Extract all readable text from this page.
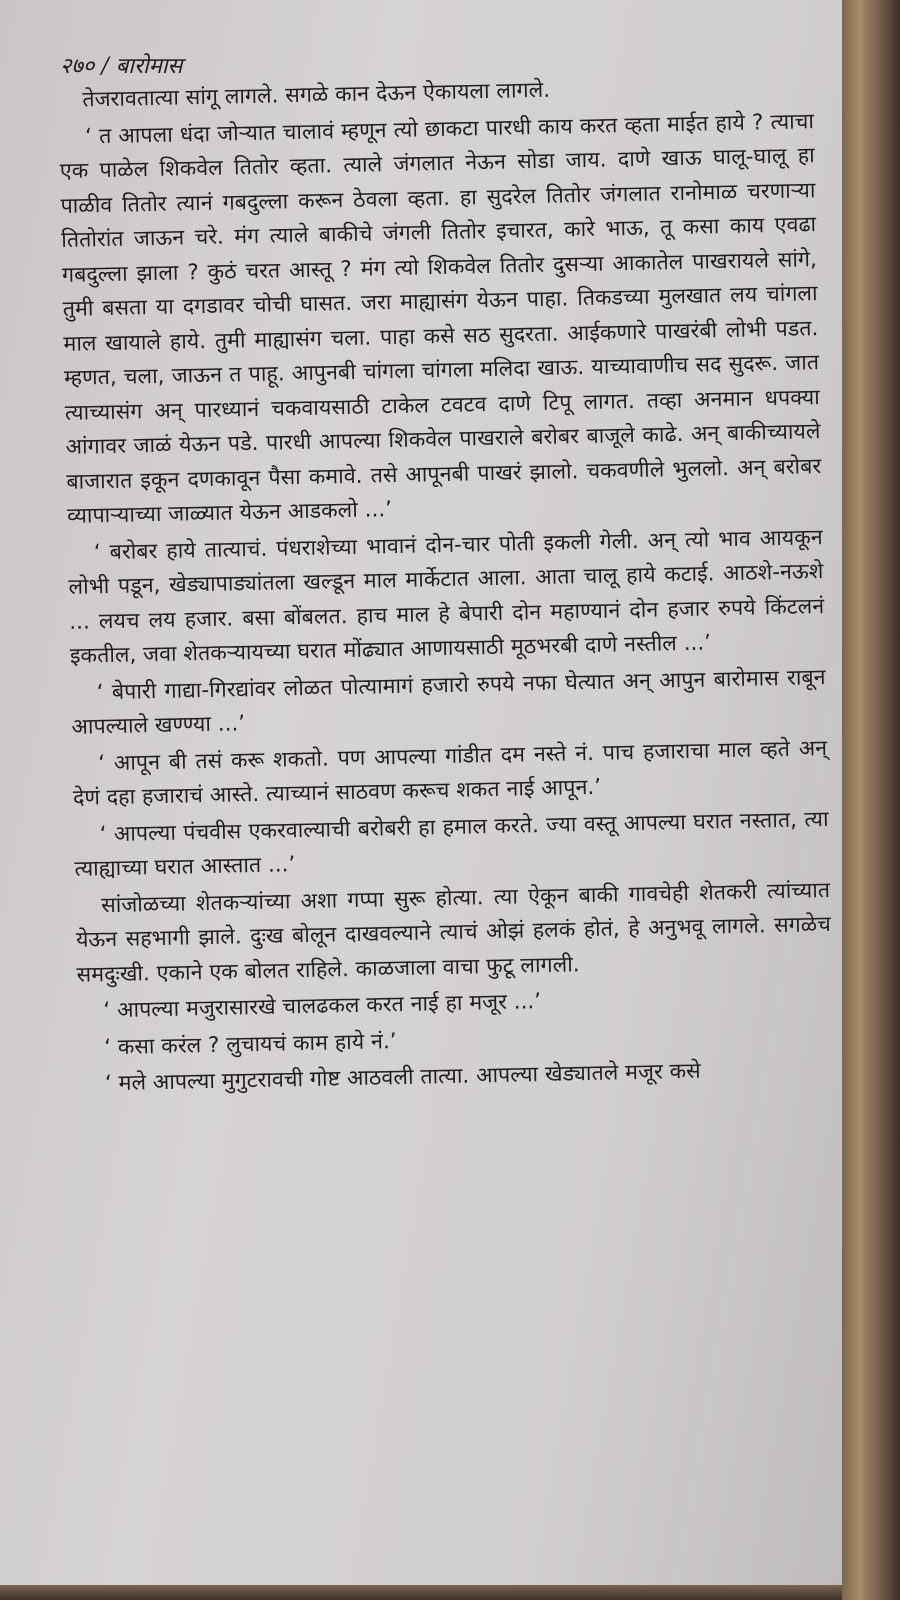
२७० / बारोमास

तेजरावतात्या सांगू लागले. सगळे कान देऊन ऐकायला लागले.

‘ त आपला धंदा जोऱ्यात चालावं म्हणून त्यो छाकटा पारधी काय करत व्हता माईत हाये ? त्याचा एक पाळेल शिकवेल तितोर व्हता. त्याले जंगलात नेऊन सोडा जाय. दाणे खाऊ घालू-घालू हा पाळीव तितोर त्यानं गबदुल्ला करून ठेवला व्हता. हा सुदरेल तितोर जंगलात रानोमाळ चरणाऱ्या तितोरांत जाऊन चरे. मंग त्याले बाकीचे जंगली तितोर इचारत, कारे भाऊ, तू कसा काय एवढा गबदुल्ला झाला ? कुठं चरत आस्तू ? मंग त्यो शिकवेल तितोर दुसऱ्या आकातेल पाखरायले सांगे, तुमी बसता या दगडावर चोची घासत. जरा माह्यासंग येऊन पाहा. तिकडच्या मुलखात लय चांगला माल खायाले हाये. तुमी माह्यासंग चला. पाहा कसे सठ सुदरता. आईकणारे पाखरंबी लोभी पडत. म्हणत, चला, जाऊन त पाहू. आपुनबी चांगला चांगला मलिदा खाऊ. याच्यावाणीच सद सुदरू. जात त्याच्यासंग अन् पारध्यानं चकवायसाठी टाकेल टवटव दाणे टिपू लागत. तव्हा अनमान धपक्या आंगावर जाळं येऊन पडे. पारधी आपल्या शिकवेल पाखराले बरोबर बाजूले काढे. अन् बाकीच्यायले बाजारात इकून दणकावून पैसा कमावे. तसे आपूनबी पाखरं झालो. चकवणीले भुललो. अन् बरोबर व्यापाऱ्याच्या जाळ्यात येऊन आडकलो ...’

‘ बरोबर हाये तात्याचं. पंधराशेच्या भावानं दोन-चार पोती इकली गेली. अन् त्यो भाव आयकून लोभी पडून, खेड्यापाड्यांतला खल्डून माल मार्केटात आला. आता चालू हाये कटाई. आठशे-नऊशे ... लयच लय हजार. बसा बोंबलत. हाच माल हे बेपारी दोन महाण्यानं दोन हजार रुपये किंटलनं इकतील, जवा शेतकऱ्यायच्या घरात मोंढ्यात आणायसाठी मूठभरबी दाणे नस्तील ...’

‘ बेपारी गाद्या-गिरद्यांवर लोळत पोत्यामागं हजारो रुपये नफा घेत्यात अन् आपुन बारोमास राबून आपल्याले खण्ण्या ...’

‘ आपून बी तसं करू शकतो. पण आपल्या गांडीत दम नस्ते नं. पाच हजाराचा माल व्हते अन् देणं दहा हजाराचं आस्ते. त्याच्यानं साठवण करूच शकत नाई आपून.’

‘ आपल्या पंचवीस एकरवाल्याची बरोबरी हा हमाल करते. ज्या वस्तू आपल्या घरात नस्तात, त्या त्याह्याच्या घरात आस्तात ...’

सांजोळच्या शेतकऱ्यांच्या अशा गप्पा सुरू होत्या. त्या ऐकून बाकी गावचेही शेतकरी त्यांच्यात येऊन सहभागी झाले. दुःख बोलून दाखवल्याने त्याचं ओझं हलकं होतं, हे अनुभवू लागले. सगळेच समदुःखी. एकाने एक बोलत राहिले. काळजाला वाचा फुटू लागली.

‘ आपल्या मजुरासारखे चालढकल करत नाई हा मजूर ...’

‘ कसा करंल ? लुचायचं काम हाये नं.’

‘ मले आपल्या मुगुटरावची गोष्ट आठवली तात्या. आपल्या खेड्यातले मजूर कसे
